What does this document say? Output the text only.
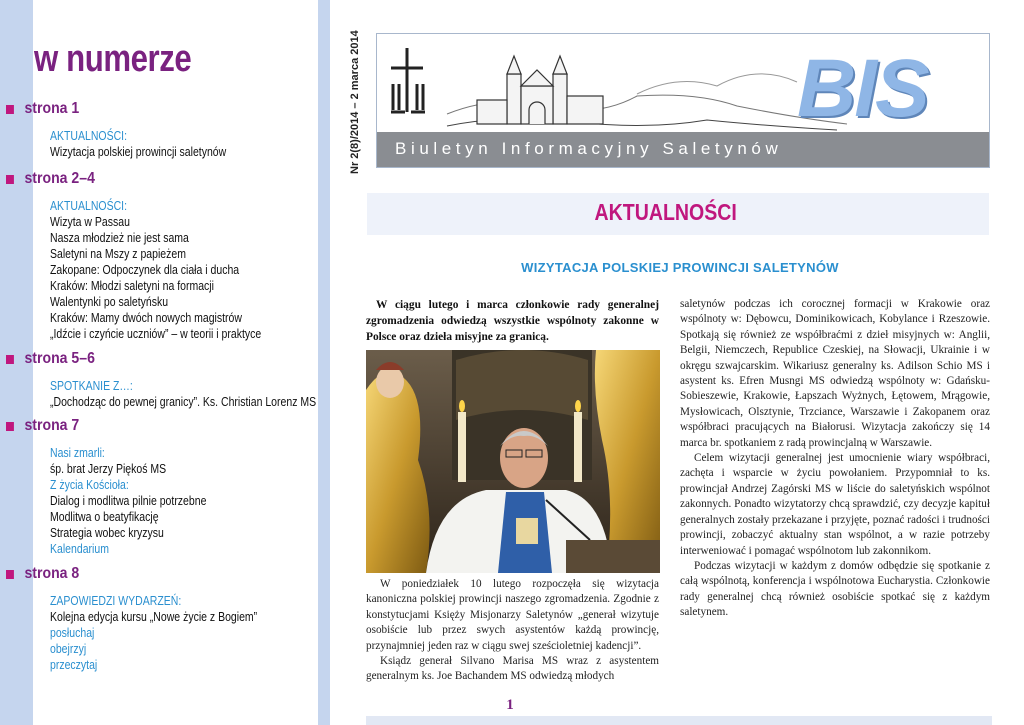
w numerze
strona 1
AKTUALNOŚCI:
Wizytacja polskiej prowincji saletynów
strona 2–4
AKTUALNOŚCI:
Wizyta w Passau
Nasza młodzież nie jest sama
Saletyni na Mszy z papieżem
Zakopane: Odpoczynek dla ciała i ducha
Kraków: Młodzi saletyni na formacji
Walentynki po saletyńsku
Kraków: Mamy dwóch nowych magistrów
„Idźcie i czyńcie uczniów” – w teorii i praktyce
strona 5–6
SPOTKANIE Z…:
„Dochodząc do pewnej granicy”. Ks. Christian Lorenz MS
strona 7
Nasi zmarli:
śp. brat Jerzy Piękoś MS
Z życia Kościoła:
Dialog i modlitwa pilnie potrzebne
Modlitwa o beatyfikację
Strategia wobec kryzysu
Kalendarium
strona 8
ZAPOWIEDZI WYDARZEŃ:
Kolejna edycja kursu „Nowe życie z Bogiem”
posłuchaj
obejrzyj
przeczytaj
Nr 2(8)/2014 – 2 marca 2014 Biuletyn Informacyjny Saletynów
BIS
AKTUALNOŚCI
WIZYTACJA POLSKIEJ PROWINCJI SALETYNÓW

W ciągu lutego i marca członkowie rady generalnej zgromadzenia odwiedzą wszystkie wspólnoty zakonne w Polsce oraz dzieła misyjne za granicą.

W poniedziałek 10 lutego rozpoczęła się wizytacja kanoniczna polskiej prowincji naszego zgromadzenia. Zgodnie z konstytucjami Księży Misjonarzy Saletynów „generał wizytuje osobiście lub przez swych asystentów każdą prowincję, przynajmniej jeden raz w ciągu swej sześcioletniej kadencji”.

Ksiądz generał Silvano Marisa MS wraz z asystentem generalnym ks. Joe Bachandem MS odwiedzą młodych

saletynów podczas ich corocznej formacji w Krakowie oraz wspólnoty w: Dębowcu, Dominikowicach, Kobylance i Rzeszowie. Spotkają się również ze współbraćmi z dzieł misyjnych w: Anglii, Belgii, Niemczech, Republice Czeskiej, na Słowacji, Ukrainie i w okręgu szwajcarskim. Wikariusz generalny ks. Adilson Schio MS i asystent ks. Efren Musngi MS odwiedzą wspólnoty w: Gdańsku-Sobieszewie, Krakowie, Łapszach Wyżnych, Łętowem, Mrągowie, Mysłowicach, Olsztynie, Trzciance, Warszawie i Zakopanem oraz współbraci pracujących na Białorusi. Wizytacja zakończy się 14 marca br. spotkaniem z radą prowincjalną w Warszawie.

Celem wizytacji generalnej jest umocnienie wiary współbraci, zachęta i wsparcie w życiu powołaniem. Przypomniał to ks. prowincjał Andrzej Zagórski MS w liście do saletyńskich wspólnot zakonnych. Ponadto wizytatorzy chcą sprawdzić, czy decyzje kapituł generalnych zostały przekazane i przyjęte, poznać radości i trudności prowincji, zobaczyć aktualny stan wspólnot, a w razie potrzeby interweniować i pomagać wspólnotom lub zakonnikom.

Podczas wizytacji w każdym z domów odbędzie się spotkanie z całą wspólnotą, konferencja i wspólnotowa Eucharystia. Członkowie rady generalnej chcą również osobiście spotkać się z każdym saletynem.

1
